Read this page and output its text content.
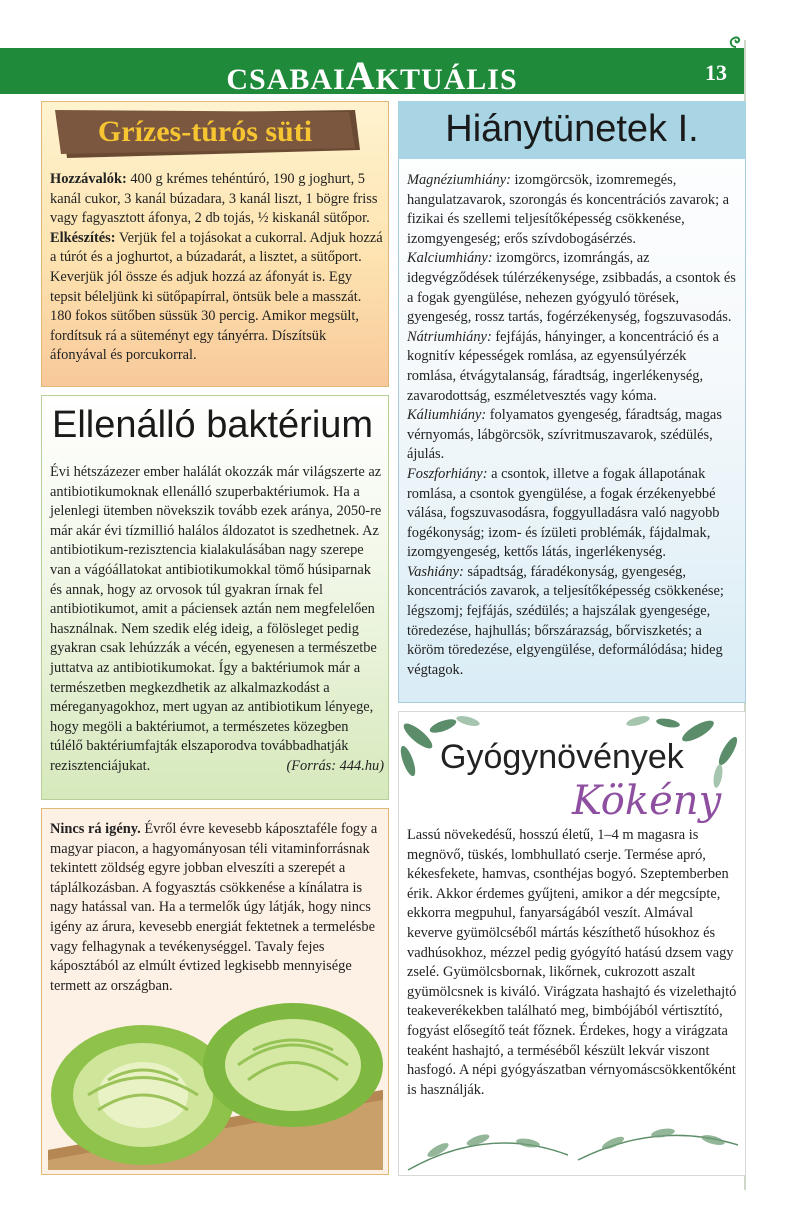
CSABAIAKTUÁLIS	13
Grízes-túrós süti
Hozzávalók: 400 g krémes tehéntúró, 190 g joghurt, 5 kanál cukor, 3 kanál búzadara, 3 kanál liszt, 1 bögre friss vagy fagyasztott áfonya, 2 db tojás, ½ kiskanál sütőpor.
Elkészítés: Verjük fel a tojásokat a cukorral. Adjuk hozzá a túrót és a joghurtot, a búzadarát, a lisztet, a sütőport. Keverjük jól össze és adjuk hozzá az áfonyát is. Egy tepsit béleljünk ki sütőpapírral, öntsük bele a masszát. 180 fokos sütőben süssük 30 percig. Amikor megsült, fordítsuk rá a süteményt egy tányérra. Díszítsük áfonyával és porcukorral.
Ellenálló baktérium
Évi hétszázezer ember halálát okozzák már világszerte az antibiotikumoknak ellenálló szuperbaktériumok. Ha a jelenlegi ütemben növekszik tovább ezek aránya, 2050-re már akár évi tízmillió halálos áldozatot is szedhetnek. Az antibiotikum-rezisztencia kialakulásában nagy szerepe van a vágóállatokat antibiotikumokkal tömő húsiparnak és annak, hogy az orvosok túl gyakran írnak fel antibiotikumot, amit a páciensek aztán nem megfelelően használnak. Nem szedik elég ideig, a fölösleget pedig gyakran csak lehúzzák a vécén, egyenesen a természetbe juttatva az antibiotikumokat. Így a baktériumok már a természetben megkezdhetik az alkalmazkodást a méreganyagokhoz, mert ugyan az antibiotikum lényege, hogy megöli a baktériumot, a természetes közegben túlélő baktériumfajták elszaporodva továbbadhatják rezisztenciájukat.	(Forrás: 444.hu)
Nincs rá igény. Évről évre kevesebb káposztaféle fogy a magyar piacon, a hagyományosan téli vitaminforrásnak tekintett zöldség egyre jobban elveszíti a szerepét a táplálkozásban. A fogyasztás csökkenése a kínálatra is nagy hatással van. Ha a termelők úgy látják, hogy nincs igény az árura, kevesebb energiát fektetnek a termelésbe vagy felhagynak a tevékenységgel. Tavaly fejes káposztából az elmúlt évtized legkisebb mennyisége termett az országban.
Hiánytünetek I.
Magnéziumhiány: izomgörcsök, izomremegés, hangulatzavarok, szorongás és koncentrációs zavarok; a fizikai és szellemi teljesítőképesség csökkenése, izomgyengeség; erős szívdobogásérzés.
Kalciumhiány: izomgörcs, izomrángás, az idegvégződések túlérzékenysége, zsibbadás, a csontok és a fogak gyengülése, nehezen gyógyuló törések, gyengeség, rossz tartás, fogérzékenység, fogszuvasodás.
Nátriumhiány: fejfájás, hányinger, a koncentráció és a kognitív képességek romlása, az egyensúlyérzék romlása, étvágytalanság, fáradtság, ingerlékenység, zavarodottság, eszméletvesztés vagy kóma.
Káliumhiány: folyamatos gyengeség, fáradtság, magas vérnyomás, lábgörcsök, szívritmuszavarok, szédülés, ájulás.
Foszforhiány: a csontok, illetve a fogak állapotának romlása, a csontok gyengülése, a fogak érzékenyebbé válása, fogszuvasodásra, foggyulladásra való nagyobb fogékonyság; izom- és ízületi problémák, fájdalmak, izomgyengeség, kettős látás, ingerlékenység.
Vashiány: sápadtság, fáradékonyság, gyengeség, koncentrációs zavarok, a teljesítőképesség csökkenése; légszomj; fejfájás, szédülés; a hajszálak gyengesége, töredezése, hajhullás; bőrszárazság, bőrviszketés; a köröm töredezése, elgyengülése, deformálódása; hideg végtagok.
Gyógynövények
Kökény
Lassú növekedésű, hosszú életű, 1–4 m magasra is megnövő, tüskés, lombhullató cserje. Termése apró, kékesfekete, hamvas, csonthéjas bogyó. Szeptemberben érik. Akkor érdemes gyűjteni, amikor a dér megcsípte, ekkorra megpuhul, fanyarságából veszít. Almával keverve gyümölcséből mártás készíthető húsokhoz és vadhúsokhoz, mézzel pedig gyógyító hatású dzsem vagy zselé. Gyümölcsbornak, likőrnek, cukrozott aszalt gyümölcsnek is kiváló. Virágzata hashajtó és vizelethajtó teakeverékekben található meg, bimbójából vértisztító, fogyást elősegítő teát főznek. Érdekes, hogy a virágzata teaként hashajtó, a terméséből készült lekvár viszont hasfogó. A népi gyógyászatban vérnyomáscsökkentőként is használják.
